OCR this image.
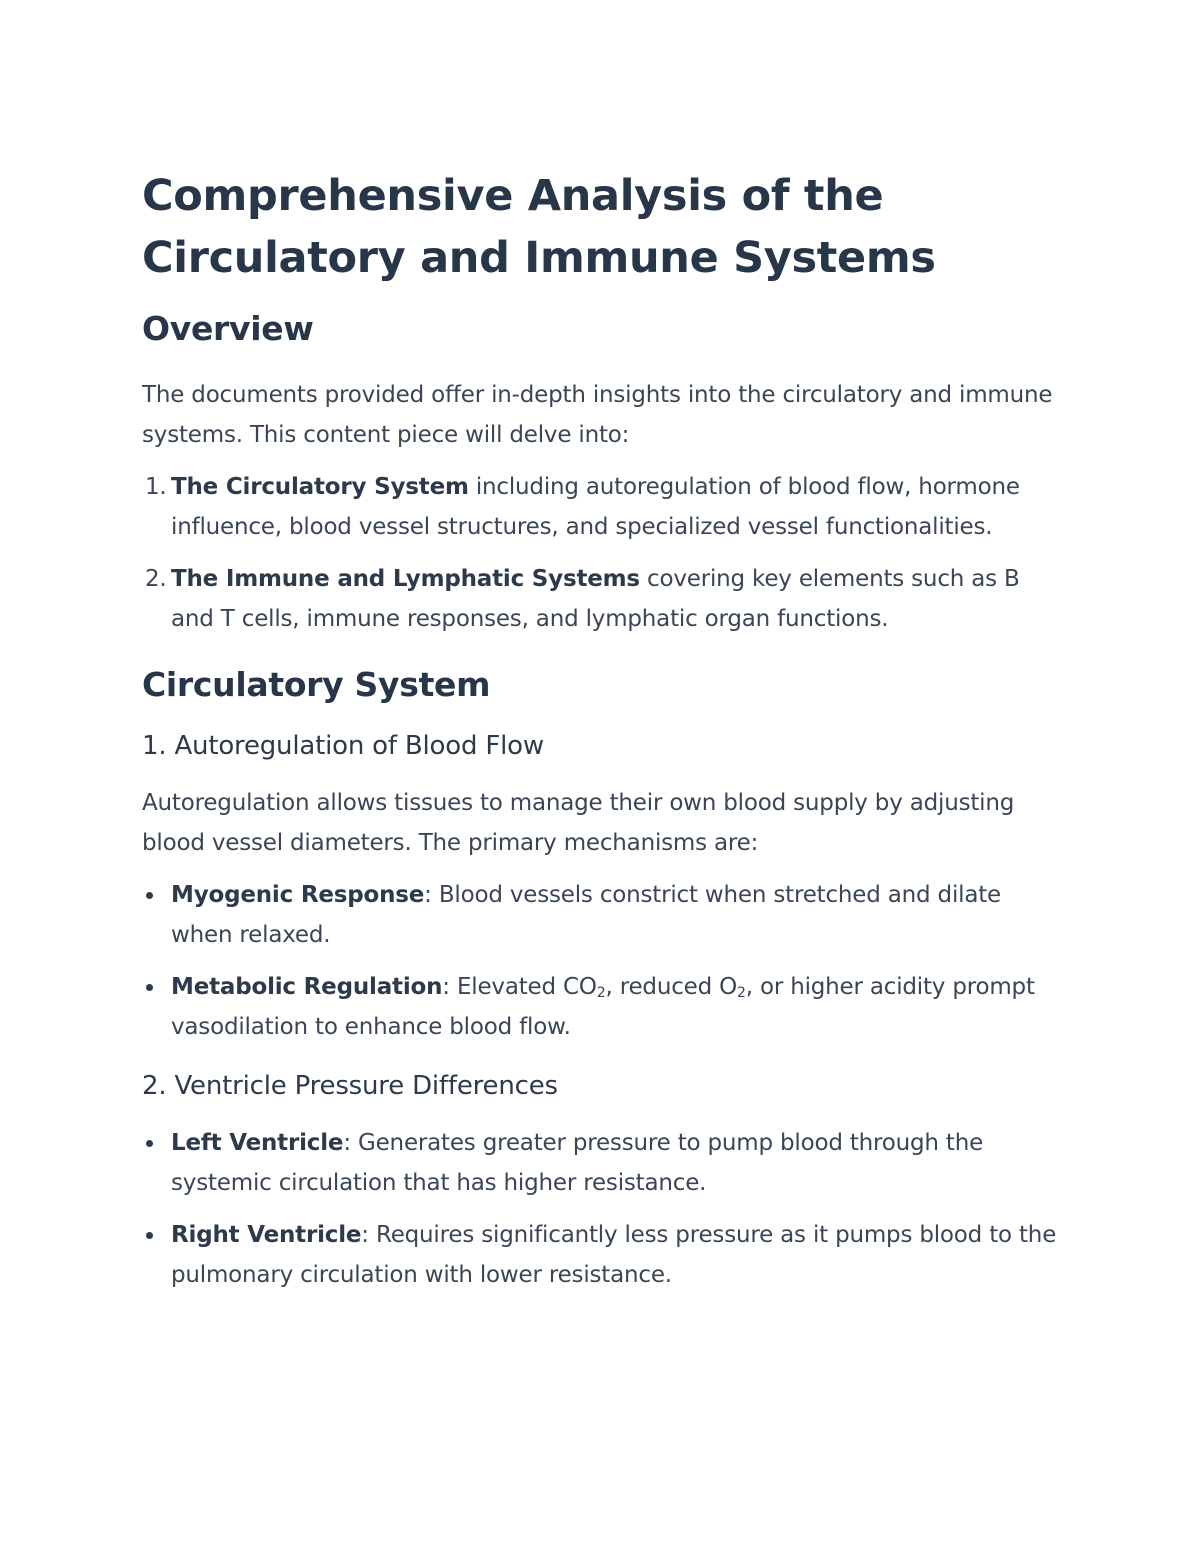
Comprehensive Analysis of the
Circulatory and Immune Systems
Overview

The documents provided offer in-depth insights into the circulatory and immune systems. This content piece will delve into:

1. The Circulatory System including autoregulation of blood flow, hormone influence, blood vessel structures, and specialized vessel functionalities.
2. The Immune and Lymphatic Systems covering key elements such as B and T cells, immune responses, and lymphatic organ functions.
Circulatory System
1. Autoregulation of Blood Flow

Autoregulation allows tissues to manage their own blood supply by adjusting blood vessel diameters. The primary mechanisms are:

Myogenic Response: Blood vessels constrict when stretched and dilate when relaxed.
Metabolic Regulation: Elevated $CO_2$, reduced $O_2$, or higher acidity prompt vasodilation to enhance blood flow.
2. Ventricle Pressure Differences
Left Ventricle: Generates greater pressure to pump blood through the systemic circulation that has higher resistance.
Right Ventricle: Requires significantly less pressure as it pumps blood to the pulmonary circulation with lower resistance.
